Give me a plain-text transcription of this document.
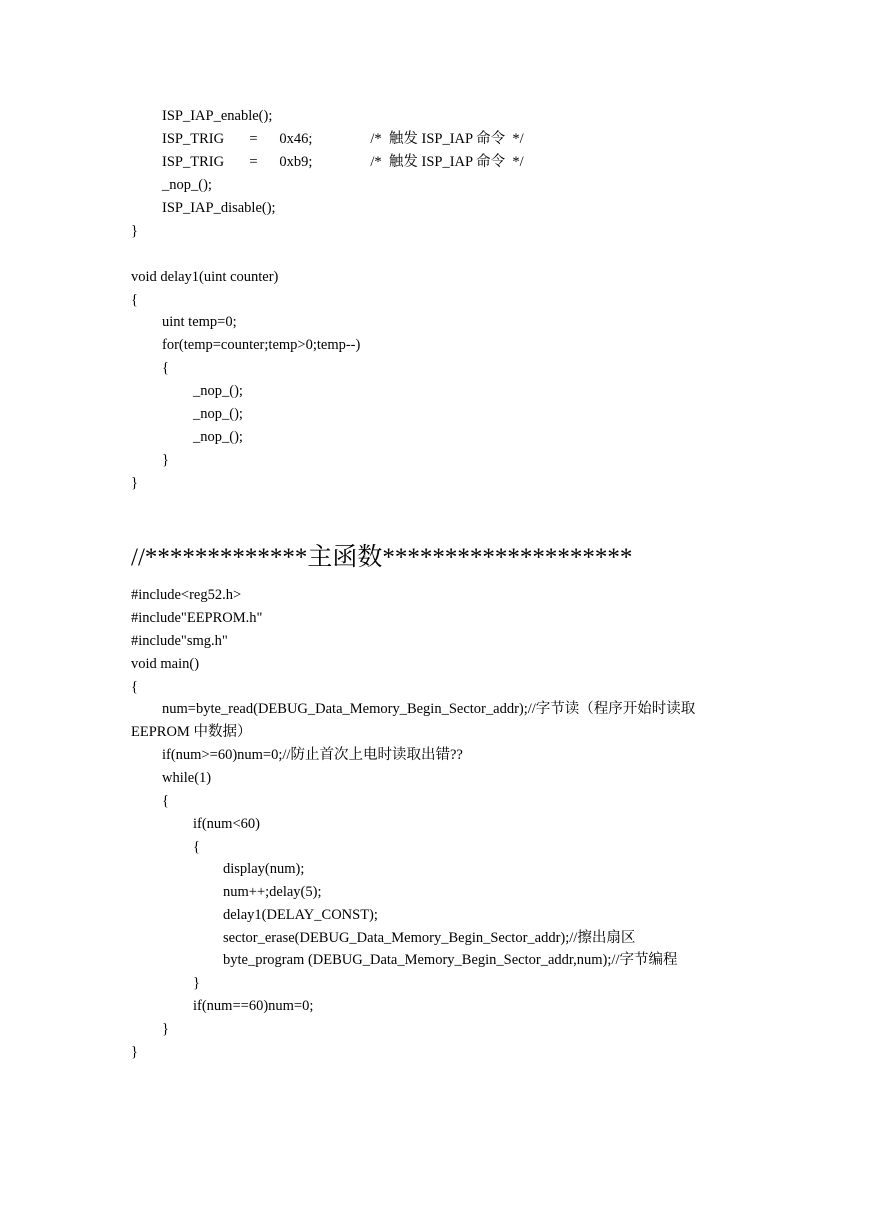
ISP_IAP_enable();
ISP_TRIG       =      0x46;                /*  触发 ISP_IAP 命令  */
ISP_TRIG       =      0xb9;                /*  触发 ISP_IAP 命令  */
_nop_();
ISP_IAP_disable();
}
void delay1(uint counter)
{
uint temp=0;
for(temp=counter;temp>0;temp--)
{
_nop_();
_nop_();
_nop_();
}
}
//*************主函数********************
#include<reg52.h>
#include"EEPROM.h"
#include"smg.h"
void main()
{
num=byte_read(DEBUG_Data_Memory_Begin_Sector_addr);//字节读（程序开始时读取
EEPROM 中数据）
if(num>=60)num=0;//防止首次上电时读取出错??
while(1)
{
if(num<60)
{
display(num);
num++;delay(5);
delay1(DELAY_CONST);
sector_erase(DEBUG_Data_Memory_Begin_Sector_addr);//擦出扇区
byte_program (DEBUG_Data_Memory_Begin_Sector_addr,num);//字节编程
}
if(num==60)num=0;
}
}
